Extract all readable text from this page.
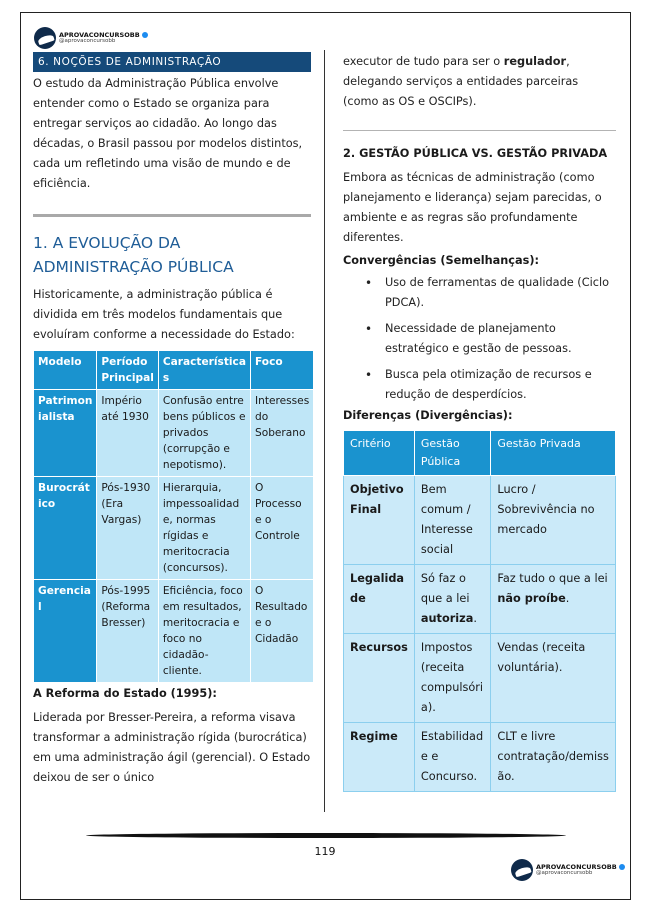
APROVACONCURSOBB
@aprovaconcursobb
6. NOÇÕES DE ADMINISTRAÇÃO

O estudo da Administração Pública envolve entender como o Estado se organiza para entregar serviços ao cidadão. Ao longo das décadas, o Brasil passou por modelos distintos, cada um refletindo uma visão de mundo e de eficiência.

1. A EVOLUÇÃO DA ADMINISTRAÇÃO PÚBLICA

Historicamente, a administração pública é dividida em três modelos fundamentais que evoluíram conforme a necessidade do Estado:

Modelo	Período Principal	Característica s	Foco
Patrimon ialista	Império até 1930	Confusão entre bens públicos e privados (corrupção e nepotismo).	Interesses do Soberano
Burocrát ico	Pós-1930 (Era Vargas)	Hierarquia, impessoalidad e, normas rígidas e meritocracia (concursos).	O Processo e o Controle
Gerencia l	Pós-1995 (Reforma Bresser)	Eficiência, foco em resultados, meritocracia e foco no cidadão-cliente.	O Resultado e o Cidadão
A Reforma do Estado (1995):

Liderada por Bresser-Pereira, a reforma visava transformar a administração rígida (burocrática) em uma administração ágil (gerencial). O Estado deixou de ser o único

executor de tudo para ser o regulador, delegando serviços a entidades parceiras (como as OS e OSCIPs).

2. GESTÃO PÚBLICA VS. GESTÃO PRIVADA

Embora as técnicas de administração (como planejamento e liderança) sejam parecidas, o ambiente e as regras são profundamente diferentes.

Convergências (Semelhanças):
• Uso de ferramentas de qualidade (Ciclo PDCA).
• Necessidade de planejamento estratégico e gestão de pessoas.
• Busca pela otimização de recursos e redução de desperdícios.
Diferenças (Divergências):
Critério	Gestão Pública	Gestão Privada
Objetivo Final	Bem comum / Interesse social	Lucro / Sobrevivência no mercado
Legalida de	Só faz o que a lei autoriza.	Faz tudo o que a lei não proíbe.
Recursos	Impostos (receita compulsóri a).	Vendas (receita voluntária).
Regime	Estabilidad e e Concurso.	CLT e livre contratação/demiss ão.
119
APROVACONCURSOBB
@aprovaconcursobb
